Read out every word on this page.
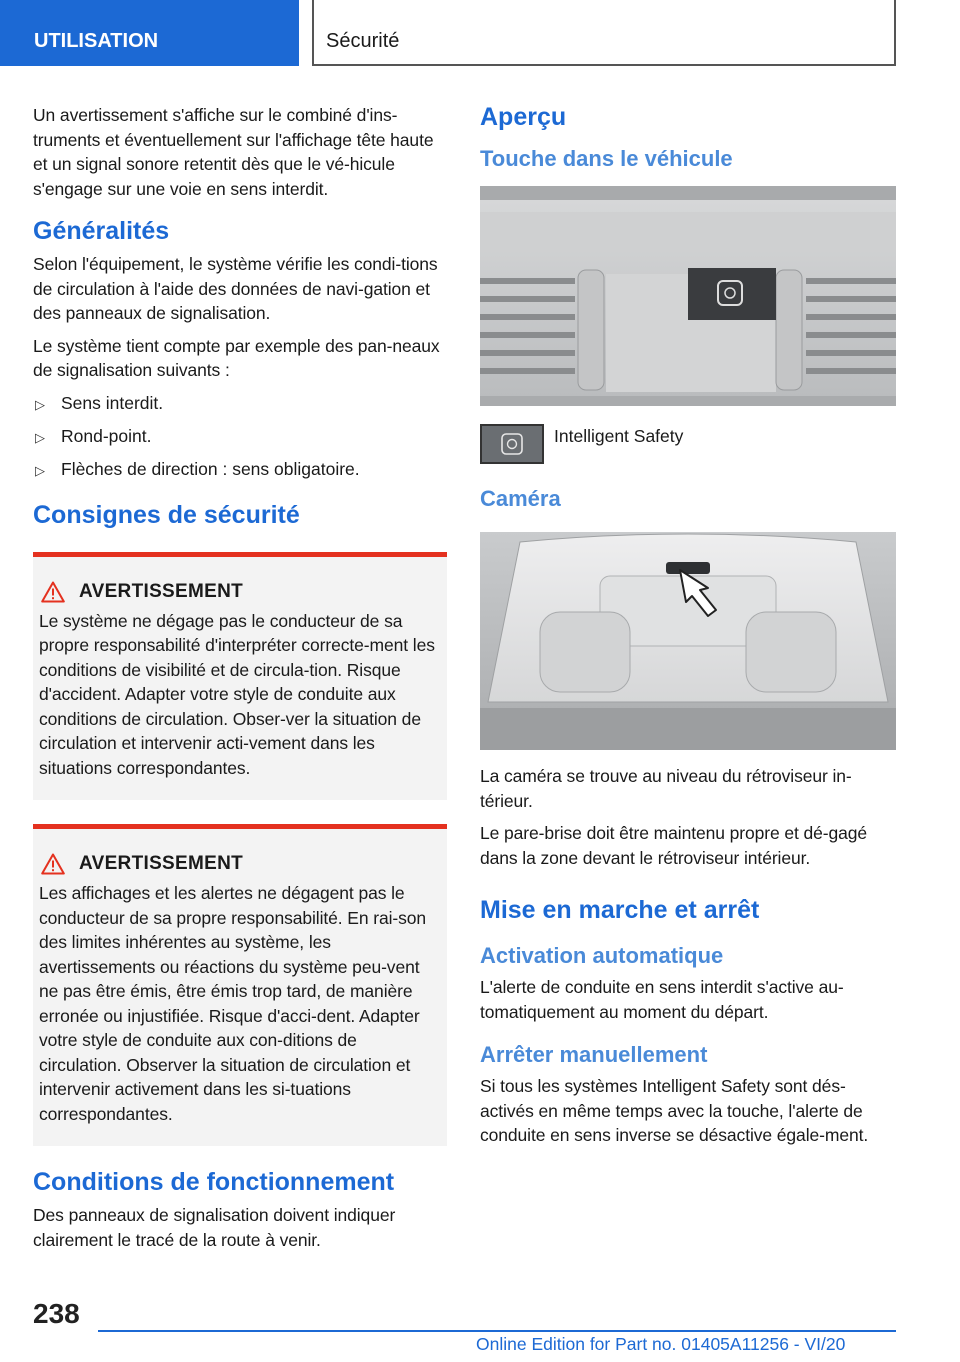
UTILISATION	Sécurité

Un avertissement s'affiche sur le combiné d'ins-truments et éventuellement sur l'affichage tête haute et un signal sonore retentit dès que le vé-hicule s'engage sur une voie en sens interdit.

Généralités

Selon l'équipement, le système vérifie les condi-tions de circulation à l'aide des données de navi-gation et des panneaux de signalisation.

Le système tient compte par exemple des pan-neaux de signalisation suivants :

▷ Sens interdit.
▷ Rond-point.
▷ Flèches de direction : sens obligatoire.
Consignes de sécurité
AVERTISSEMENT

Le système ne dégage pas le conducteur de sa propre responsabilité d'interpréter correcte-ment les conditions de visibilité et de circula-tion. Risque d'accident. Adapter votre style de conduite aux conditions de circulation. Obser-ver la situation de circulation et intervenir acti-vement dans les situations correspondantes.

AVERTISSEMENT

Les affichages et les alertes ne dégagent pas le conducteur de sa propre responsabilité. En rai-son des limites inhérentes au système, les avertissements ou réactions du système peu-vent ne pas être émis, être émis trop tard, de manière erronée ou injustifiée. Risque d'acci-dent. Adapter votre style de conduite aux con-ditions de circulation. Observer la situation de circulation et intervenir activement dans les si-tuations correspondantes.

Conditions de fonctionnement

Des panneaux de signalisation doivent indiquer clairement le tracé de la route à venir.

Aperçu
Touche dans le véhicule
Intelligent Safety
Caméra

La caméra se trouve au niveau du rétroviseur in-térieur.

Le pare-brise doit être maintenu propre et dé-gagé dans la zone devant le rétroviseur intérieur.

Mise en marche et arrêt
Activation automatique

L'alerte de conduite en sens interdit s'active au-tomatiquement au moment du départ.

Arrêter manuellement

Si tous les systèmes Intelligent Safety sont dés-activés en même temps avec la touche, l'alerte de conduite en sens inverse se désactive égale-ment.

238
Online Edition for Part no. 01405A11256 - VI/20
